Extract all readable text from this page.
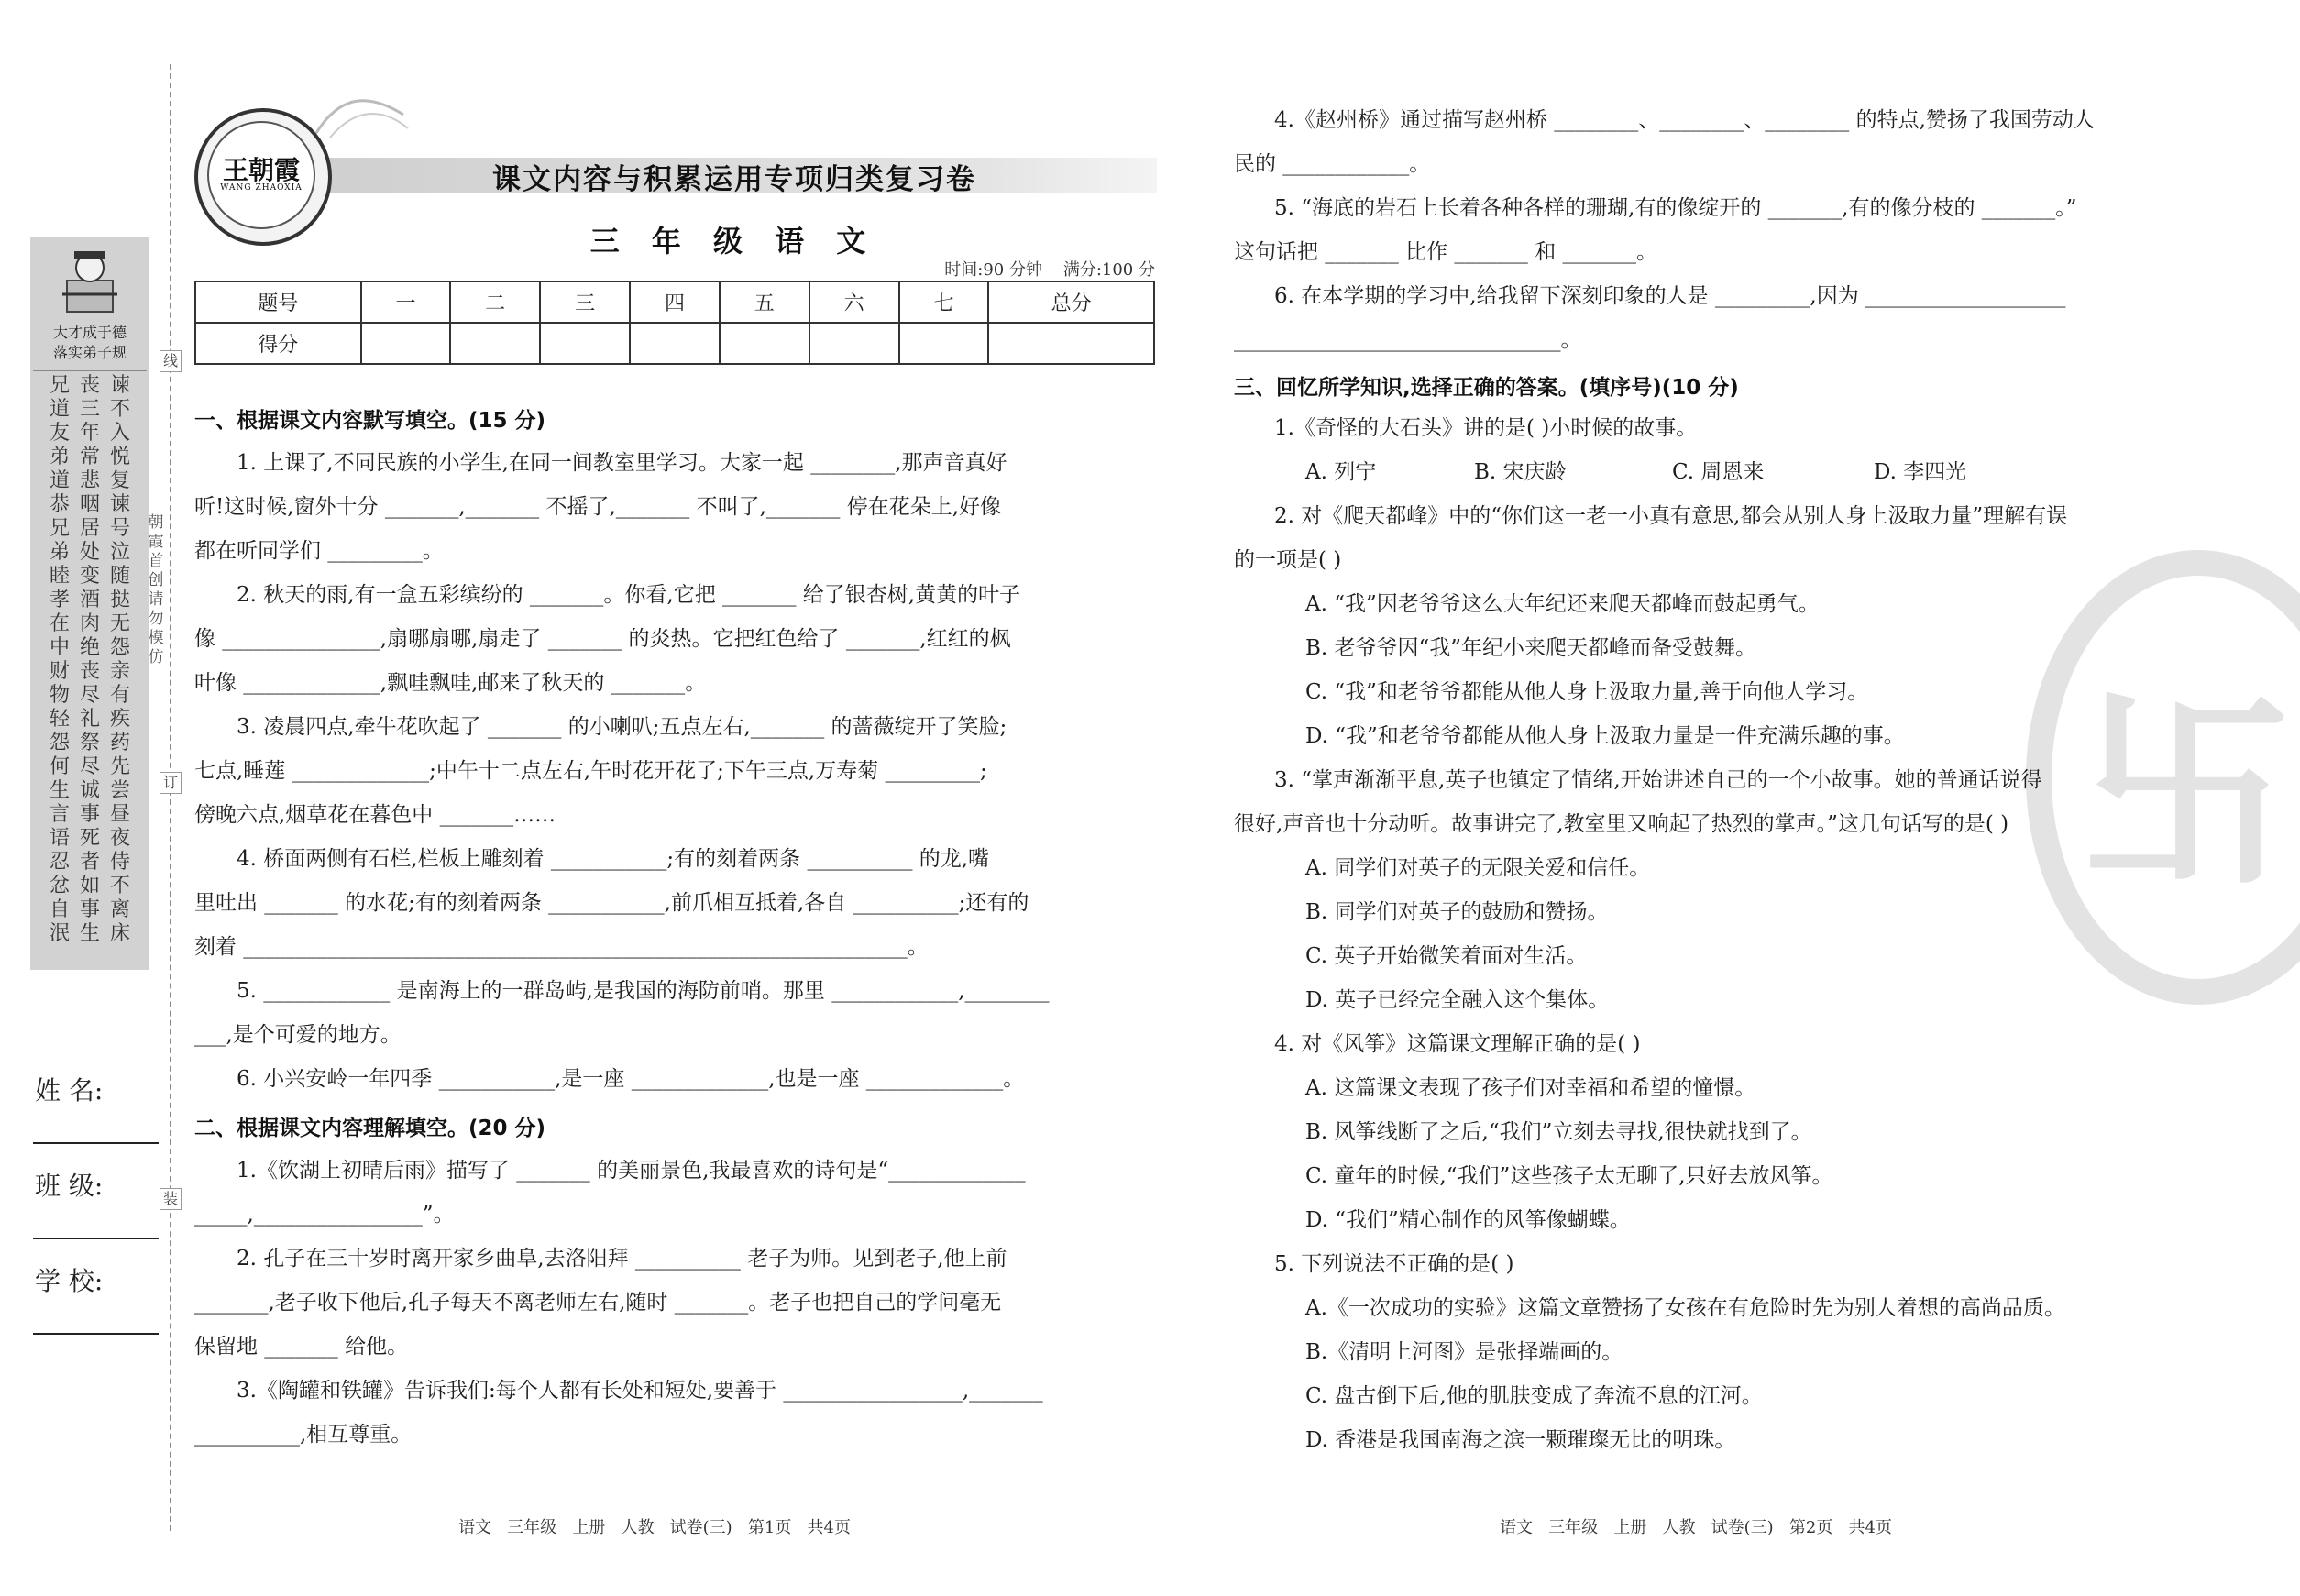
大才成于德
落实弟子规
兄道友
丧三年
谏不入
弟道恭
常悲咽
悦复谏
兄弟睦
居处变
号泣随
孝在中
酒肉绝
挞无怨
财物轻
丧尽礼
亲有疾
怨何生
祭尽诚
药先尝
言语忍
事死者
昼夜侍
忿自泯
如事生
不离床
线
订
装
朝霞首创 请勿模仿
姓 名:
班 级:
学 校:
王朝霞
WANG ZHAOXIA	课文内容与积累运用专项归类复习卷
三 年 级 语 文
时间:90 分钟    满分:100 分
题号	一	二	三	四	五	六	七	总分
得分								
一、根据课文内容默写填空。(15 分)
1. 上课了,不同民族的小学生,在同一间教室里学习。大家一起 ________,那声音真好
听!这时候,窗外十分 _______,_______ 不摇了,_______ 不叫了,_______ 停在花朵上,好像
都在听同学们 _________。
2. 秋天的雨,有一盒五彩缤纷的 _______。你看,它把 _______ 给了银杏树,黄黄的叶子
像 _______________,扇哪扇哪,扇走了 _______ 的炎热。它把红色给了 _______,红红的枫
叶像 _____________,飘哇飘哇,邮来了秋天的 _______。
3. 凌晨四点,牵牛花吹起了 _______ 的小喇叭;五点左右,_______ 的蔷薇绽开了笑脸;
七点,睡莲 _____________;中午十二点左右,午时花开花了;下午三点,万寿菊 _________;
傍晚六点,烟草花在暮色中 _______……
4. 桥面两侧有石栏,栏板上雕刻着 ___________;有的刻着两条 __________ 的龙,嘴
里吐出 _______ 的水花;有的刻着两条 ___________,前爪相互抵着,各自 __________;还有的
刻着 _______________________________________________________________。
5. ____________ 是南海上的一群岛屿,是我国的海防前哨。那里 ____________,________
___,是个可爱的地方。
6. 小兴安岭一年四季 ___________,是一座 _____________,也是一座 _____________。
二、根据课文内容理解填空。(20 分)
1.《饮湖上初晴后雨》描写了 _______ 的美丽景色,我最喜欢的诗句是“_____________
_____,________________”。
2. 孔子在三十岁时离开家乡曲阜,去洛阳拜 __________ 老子为师。见到老子,他上前
_______,老子收下他后,孔子每天不离老师左右,随时 _______。老子也把自己的学问毫无
保留地 _______ 给他。
3.《陶罐和铁罐》告诉我们:每个人都有长处和短处,要善于 _________________,_______
__________,相互尊重。
语文   三年级   上册   人教   试卷(三)   第1页   共4页
卐
4.《赵州桥》通过描写赵州桥 ________、________、________ 的特点,赞扬了我国劳动人
民的 ____________。
5. “海底的岩石上长着各种各样的珊瑚,有的像绽开的 _______,有的像分枝的 _______。”
这句话把 _______ 比作 _______ 和 _______。
6. 在本学期的学习中,给我留下深刻印象的人是 _________,因为 ___________________
_______________________________。
三、回忆所学知识,选择正确的答案。(填序号)(10 分)
1.《奇怪的大石头》讲的是( )小时候的故事。
A. 列宁	B. 宋庆龄	C. 周恩来	D. 李四光
2. 对《爬天都峰》中的“你们这一老一小真有意思,都会从别人身上汲取力量”理解有误
的一项是( )
A. “我”因老爷爷这么大年纪还来爬天都峰而鼓起勇气。
B. 老爷爷因“我”年纪小来爬天都峰而备受鼓舞。
C. “我”和老爷爷都能从他人身上汲取力量,善于向他人学习。
D. “我”和老爷爷都能从他人身上汲取力量是一件充满乐趣的事。
3. “掌声渐渐平息,英子也镇定了情绪,开始讲述自己的一个小故事。她的普通话说得
很好,声音也十分动听。故事讲完了,教室里又响起了热烈的掌声。”这几句话写的是( )
A. 同学们对英子的无限关爱和信任。
B. 同学们对英子的鼓励和赞扬。
C. 英子开始微笑着面对生活。
D. 英子已经完全融入这个集体。
4. 对《风筝》这篇课文理解正确的是( )
A. 这篇课文表现了孩子们对幸福和希望的憧憬。
B. 风筝线断了之后,“我们”立刻去寻找,很快就找到了。
C. 童年的时候,“我们”这些孩子太无聊了,只好去放风筝。
D. “我们”精心制作的风筝像蝴蝶。
5. 下列说法不正确的是( )
A.《一次成功的实验》这篇文章赞扬了女孩在有危险时先为别人着想的高尚品质。
B.《清明上河图》是张择端画的。
C. 盘古倒下后,他的肌肤变成了奔流不息的江河。
D. 香港是我国南海之滨一颗璀璨无比的明珠。
语文   三年级   上册   人教   试卷(三)   第2页   共4页
